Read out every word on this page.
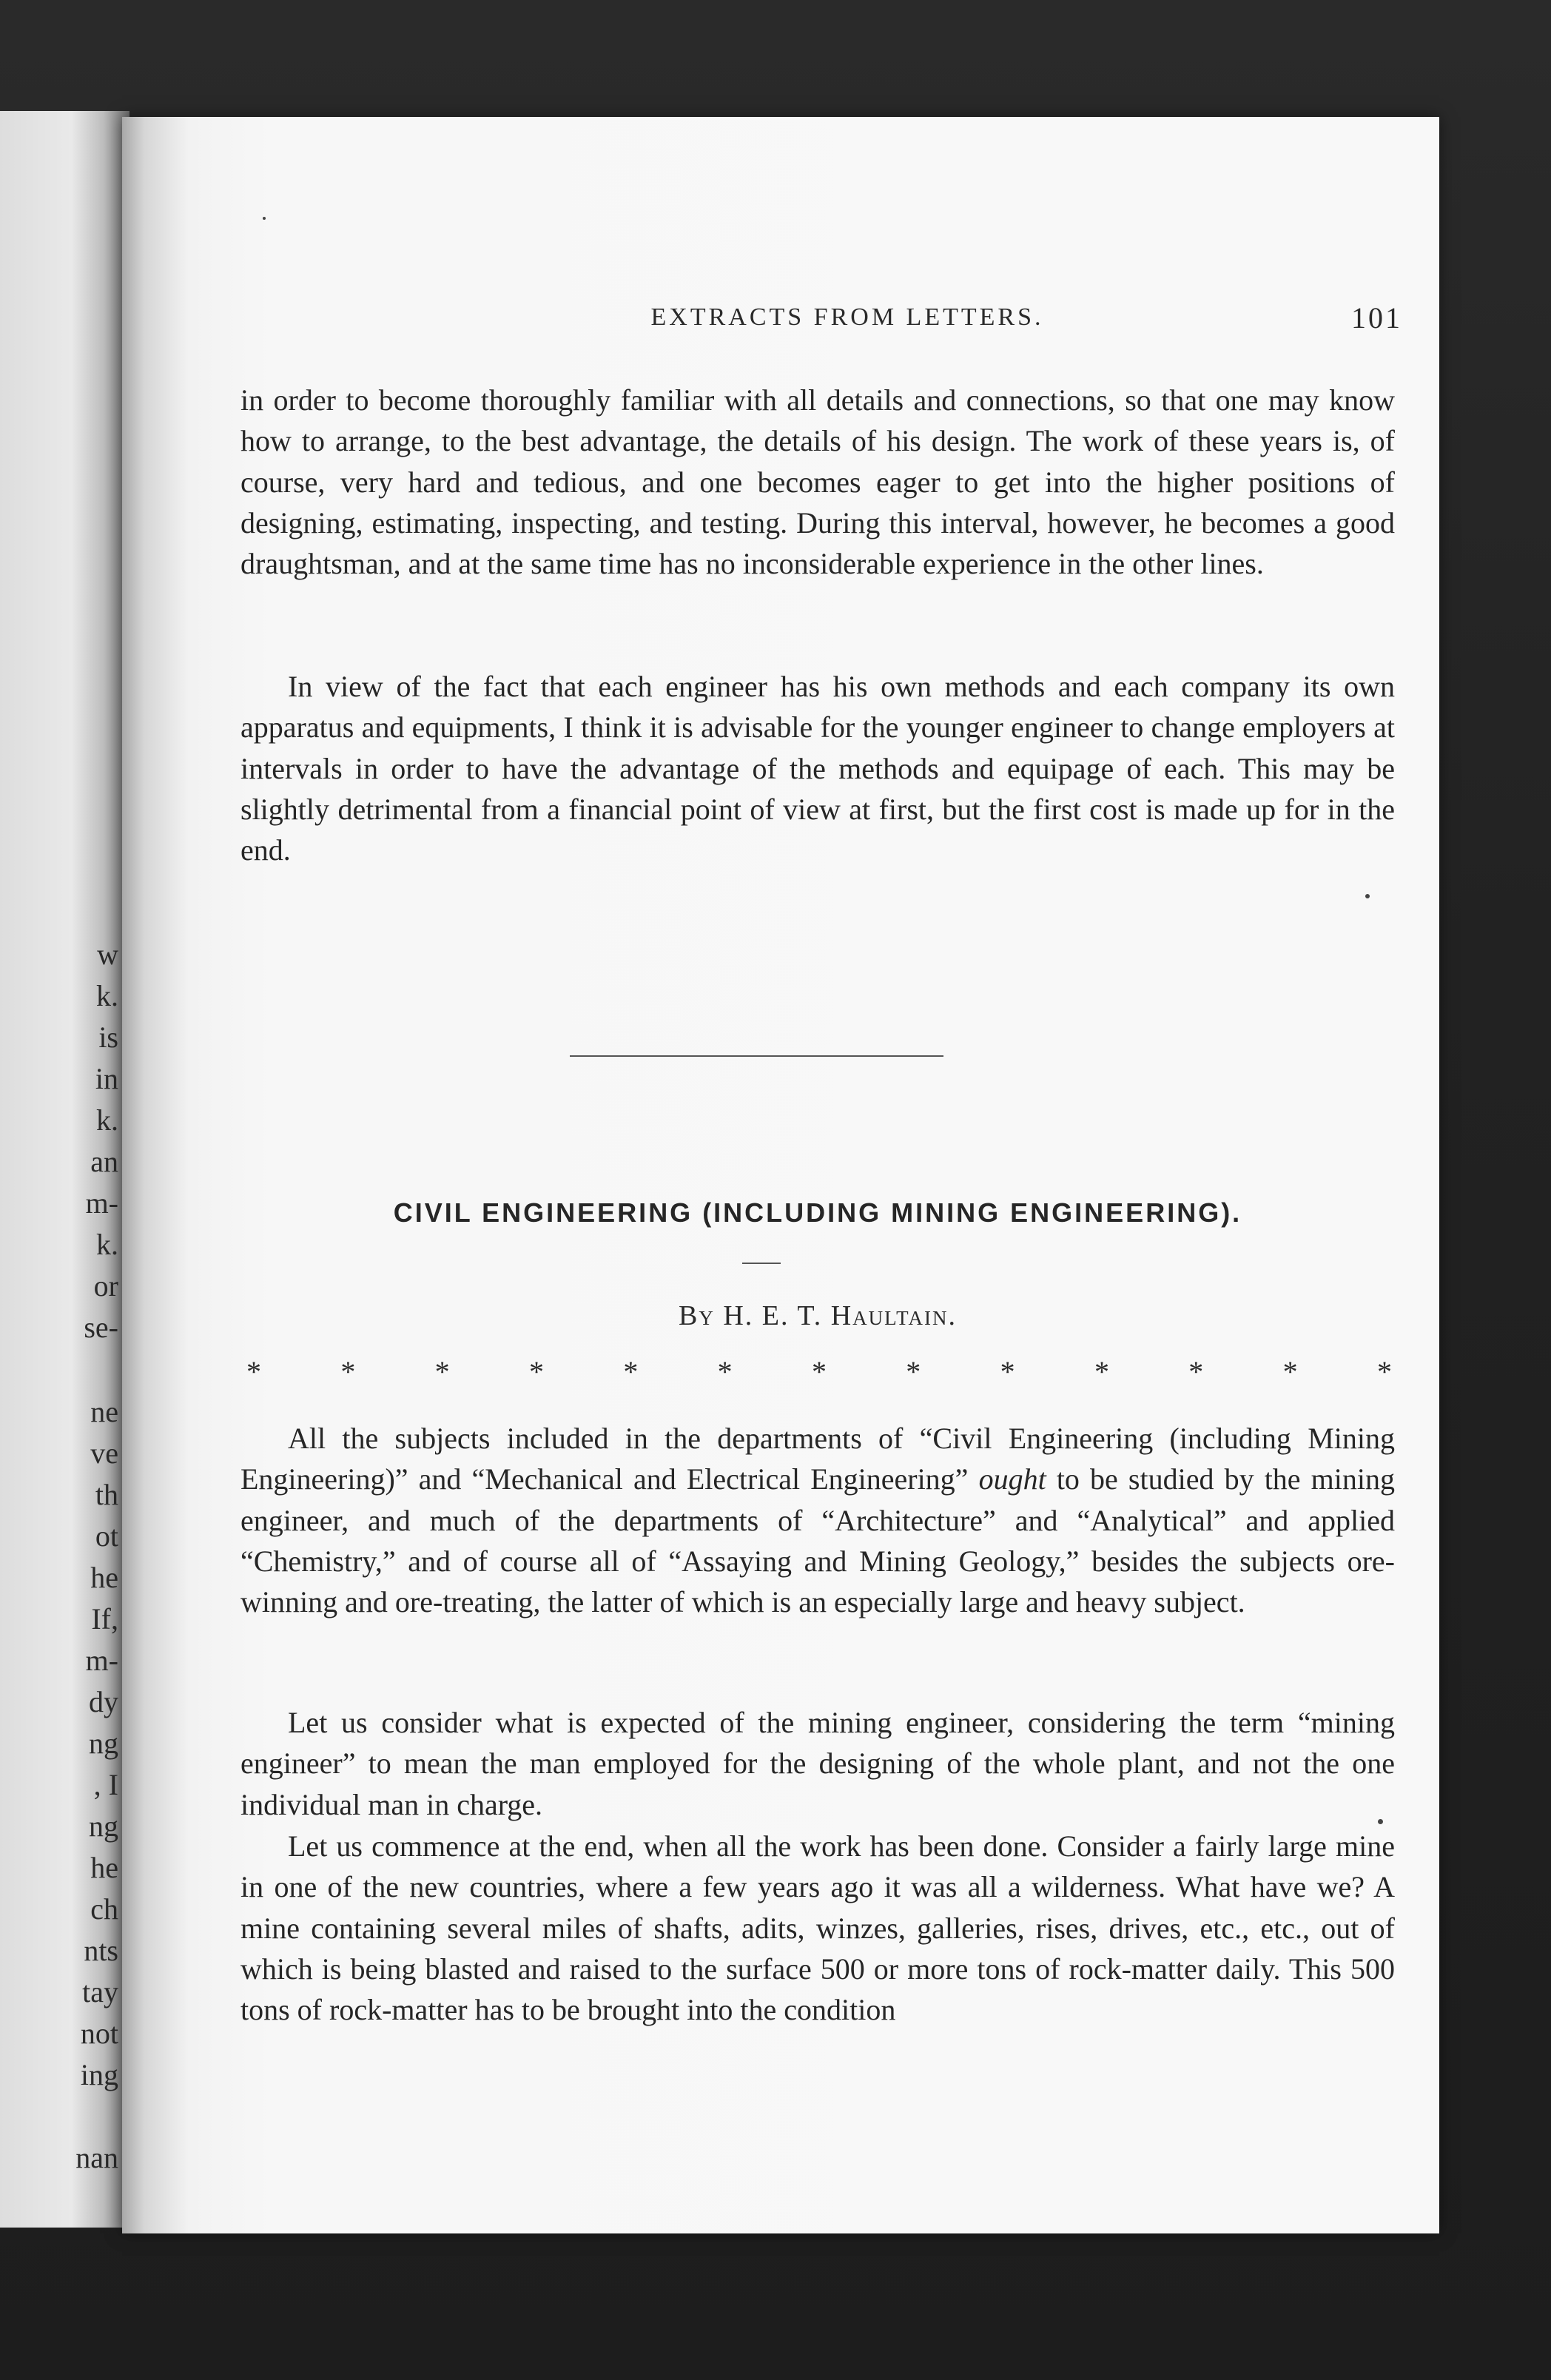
w
k.
is
in
k.
an
m-
k.
or
se-
ne
ve
th
ot
he
If,
m-
dy
ng
, I
ng
he
ch
nts
tay
not
ing
nan
EXTRACTS FROM LETTERS.	101

in order to become thoroughly familiar with all details and connections, so that one may know how to arrange, to the best advantage, the details of his design. The work of these years is, of course, very hard and tedious, and one becomes eager to get into the higher positions of designing, estimating, inspecting, and testing. During this interval, however, he becomes a good draughtsman, and at the same time has no inconsiderable experience in the other lines.

In view of the fact that each engineer has his own methods and each company its own apparatus and equipments, I think it is advisable for the younger engineer to change employers at intervals in order to have the advantage of the methods and equipage of each. This may be slightly detrimental from a financial point of view at first, but the first cost is made up for in the end.

CIVIL ENGINEERING (INCLUDING MINING ENGINEERING).
By H. E. T. Haultain.
*	*	*	*	*	*	*	*	*	*	*	*	*

All the subjects included in the departments of “Civil Engineering (including Mining Engineering)” and “Mechanical and Electrical Engineering” ought to be studied by the mining engineer, and much of the departments of “Architecture” and “Analytical” and applied “Chemistry,” and of course all of “Assaying and Mining Geology,” besides the subjects ore-winning and ore-treating, the latter of which is an especially large and heavy subject.

Let us consider what is expected of the mining engineer, considering the term “mining engineer” to mean the man employed for the designing of the whole plant, and not the one individual man in charge.

Let us commence at the end, when all the work has been done. Consider a fairly large mine in one of the new countries, where a few years ago it was all a wilderness. What have we? A mine containing several miles of shafts, adits, winzes, galleries, rises, drives, etc., etc., out of which is being blasted and raised to the surface 500 or more tons of rock-matter daily. This 500 tons of rock-matter has to be brought into the condition
